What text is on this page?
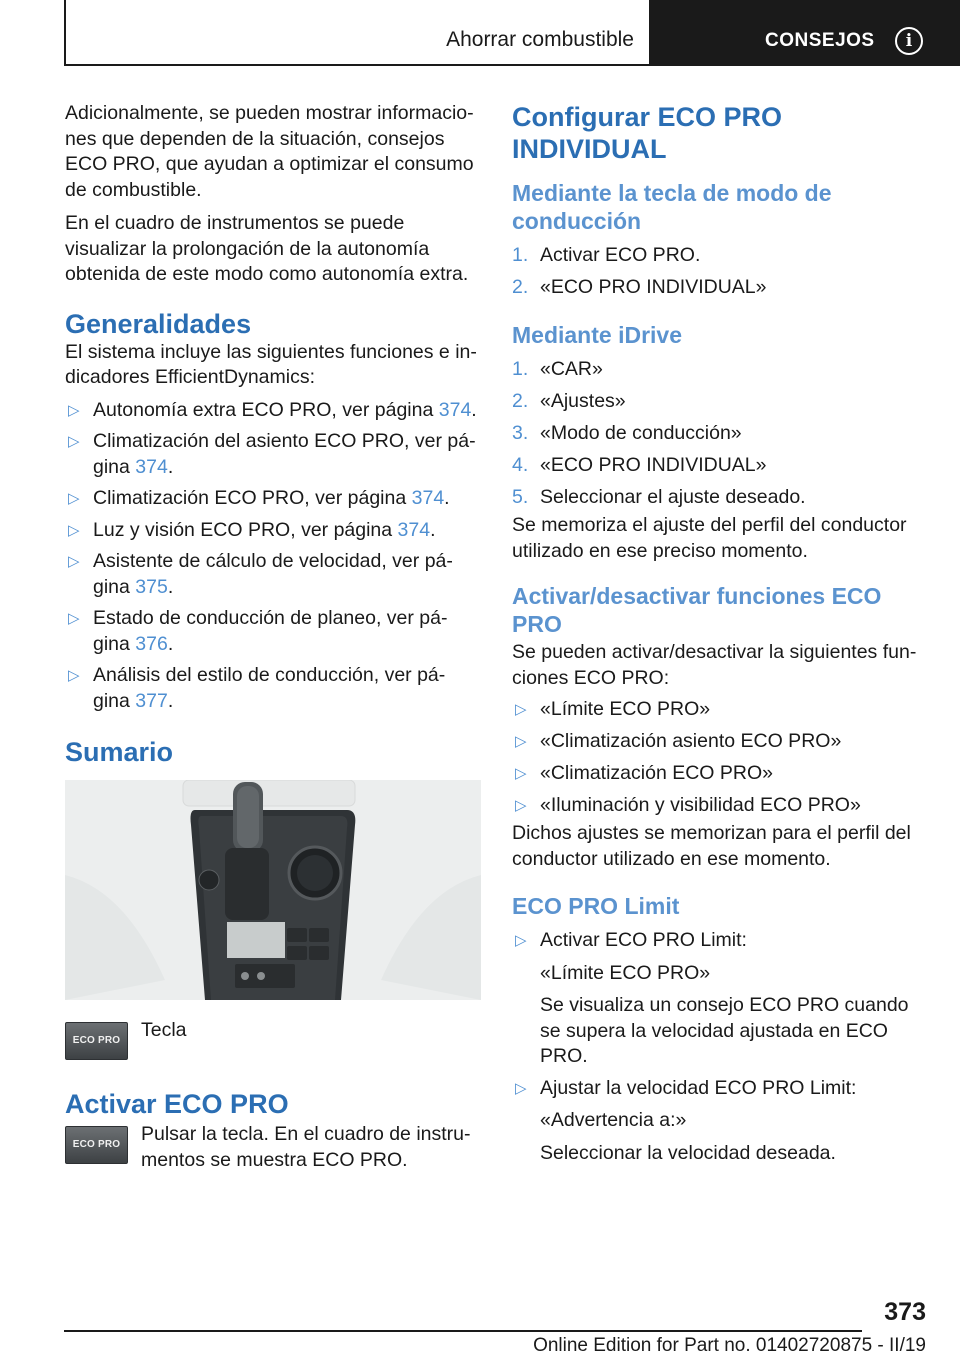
Ahorrar combustible	CONSEJOS	i

Adicionalmente, se pueden mostrar informacio‐ nes que dependen de la situación, consejos ECO PRO, que ayudan a optimizar el consumo de combustible.

En el cuadro de instrumentos se puede visualizar la prolongación de la autonomía obtenida de este modo como autonomía extra.

Generalidades

El sistema incluye las siguientes funciones e in‐ dicadores EfficientDynamics:

▷ Autonomía extra ECO PRO, ver página 374.
▷ Climatización del asiento ECO PRO, ver pá‐ gina 374.
▷ Climatización ECO PRO, ver página 374.
▷ Luz y visión ECO PRO, ver página 374.
▷ Asistente de cálculo de velocidad, ver pá‐ gina 375.
▷ Estado de conducción de planeo, ver pá‐ gina 376.
▷ Análisis del estilo de conducción, ver pá‐ gina 377.
Sumario
ECO PRO	Tecla
Activar ECO PRO
ECO PRO	Pulsar la tecla. En el cuadro de instru‐ mentos se muestra ECO PRO.
Configurar ECO PRO INDIVIDUAL
Mediante la tecla de modo de conducción
1. Activar ECO PRO.
2. «ECO PRO INDIVIDUAL»
Mediante iDrive
1. «CAR»
2. «Ajustes»
3. «Modo de conducción»
4. «ECO PRO INDIVIDUAL»
5. Seleccionar el ajuste deseado.

Se memoriza el ajuste del perfil del conductor utilizado en ese preciso momento.

Activar/desactivar funciones ECO PRO

Se pueden activar/desactivar la siguientes fun‐ ciones ECO PRO:

▷ «Límite ECO PRO»
▷ «Climatización asiento ECO PRO»
▷ «Climatización ECO PRO»
▷ «Iluminación y visibilidad ECO PRO»

Dichos ajustes se memorizan para el perfil del conductor utilizado en ese momento.

ECO PRO Limit
▷ Activar ECO PRO Limit:
«Límite ECO PRO»
Se visualiza un consejo ECO PRO cuando se supera la velocidad ajustada en ECO PRO.
▷ Ajustar la velocidad ECO PRO Limit:
«Advertencia a:»
Seleccionar la velocidad deseada.
373
Online Edition for Part no. 01402720875 - II/19
